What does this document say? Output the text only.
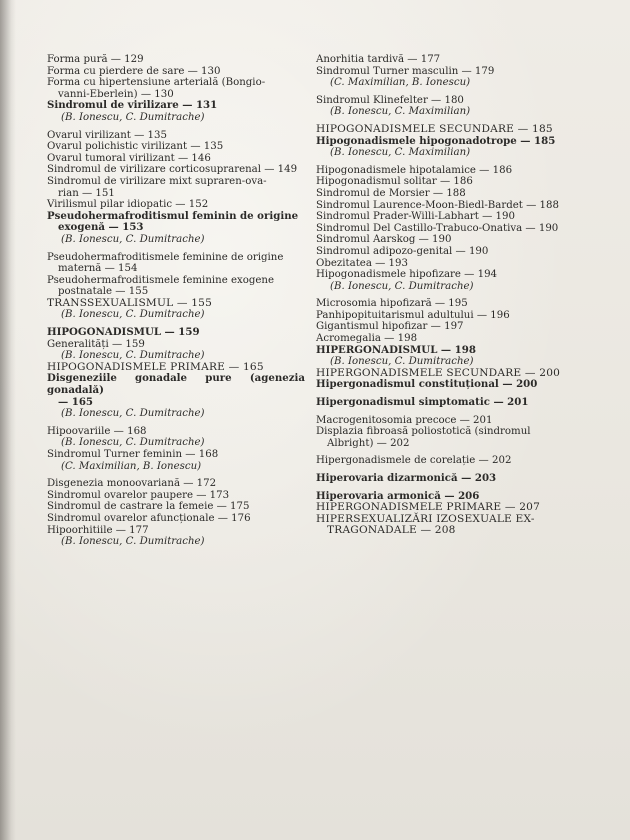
Forma pură — 129
Forma cu pierdere de sare — 130
Forma cu hipertensiune arterială (Bongio-
vanni-Eberlein) — 130
Sindromul de virilizare — 131
(B. Ionescu, C. Dumitrache)
Ovarul virilizant — 135
Ovarul polichistic virilizant — 135
Ovarul tumoral virilizant — 146
Sindromul de virilizare corticosuprarenal — 149
Sindromul de virilizare mixt supraren-ova-
rian — 151
Virilismul pilar idiopatic — 152
Pseudohermafroditismul feminin de origine
exogenă — 153
(B. Ionescu, C. Dumitrache)
Pseudohermafroditismele feminine de origine
maternă — 154
Pseudohermafroditismele feminine exogene
postnatale — 155
TRANSSEXUALISMUL — 155
(B. Ionescu, C. Dumitrache)
HIPOGONADISMUL — 159
Generalități — 159
(B. Ionescu, C. Dumitrache)
HIPOGONADISMELE PRIMARE — 165
Disgeneziile gonadale pure (agenezia gonadală)
— 165
(B. Ionescu, C. Dumitrache)
Hipoovariile — 168
(B. Ionescu, C. Dumitrache)
Sindromul Turner feminin — 168
(C. Maximilian, B. Ionescu)
Disgenezia monoovariană — 172
Sindromul ovarelor paupere — 173
Sindromul de castrare la femeie — 175
Sindromul ovarelor afuncționale — 176
Hipoorhitiile — 177
(B. Ionescu, C. Dumitrache)
Anorhitia tardivă — 177
Sindromul Turner masculin — 179
(C. Maximilian, B. Ionescu)
Sindromul Klinefelter — 180
(B. Ionescu, C. Maximilian)
HIPOGONADISMELE SECUNDARE — 185
Hipogonadismele hipogonadotrope — 185
(B. Ionescu, C. Maximilian)
Hipogonadismele hipotalamice — 186
Hipogonadismul solitar — 186
Sindromul de Morsier — 188
Sindromul Laurence-Moon-Biedl-Bardet — 188
Sindromul Prader-Willi-Labhart — 190
Sindromul Del Castillo-Trabuco-Onativa — 190
Sindromul Aarskog — 190
Sindromul adipozo-genital — 190
Obezitatea — 193
Hipogonadismele hipofizare — 194
(B. Ionescu, C. Dumitrache)
Microsomia hipofizară — 195
Panhipopituitarismul adultului — 196
Gigantismul hipofizar — 197
Acromegalia — 198
HIPERGONADISMUL — 198
(B. Ionescu, C. Dumitrache)
HIPERGONADISMELE SECUNDARE — 200
Hipergonadismul constituțional — 200
Hipergonadismul simptomatic — 201
Macrogenitosomia precoce — 201
Displazia fibroasă poliostotică (sindromul
Albright) — 202
Hipergonadismele de corelație — 202
Hiperovaria dizarmonică — 203
Hiperovaria armonică — 206
HIPERGONADISMELE PRIMARE — 207
HIPERSEXUALIZĂRI IZOSEXUALE EX-
TRAGONADALE — 208
